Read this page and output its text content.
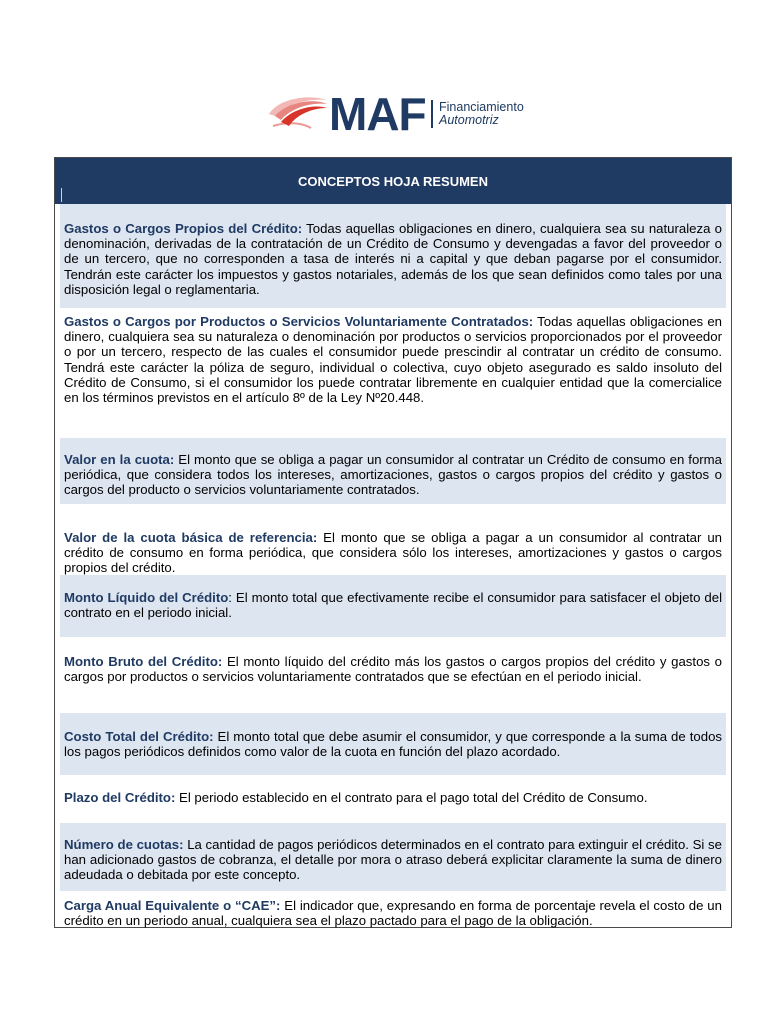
MAF Financiamiento
Automotriz
CONCEPTOS HOJA RESUMEN
Gastos o Cargos Propios del Crédito: Todas aquellas obligaciones en dinero, cualquiera sea su naturaleza o denominación, derivadas de la contratación de un Crédito de Consumo y devengadas a favor del proveedor o de un tercero, que no corresponden a tasa de interés ni a capital y que deban pagarse por el consumidor. Tendrán este carácter los impuestos y gastos notariales, además de los que sean definidos como tales por una disposición legal o reglamentaria.
Gastos o Cargos por Productos o Servicios Voluntariamente Contratados: Todas aquellas obligaciones en dinero, cualquiera sea su naturaleza o denominación por productos o servicios proporcionados por el proveedor o por un tercero, respecto de las cuales el consumidor puede prescindir al contratar un crédito de consumo. Tendrá este carácter la póliza de seguro, individual o colectiva, cuyo objeto asegurado es saldo insoluto del Crédito de Consumo, si el consumidor los puede contratar libremente en cualquier entidad que la comercialice en los términos previstos en el artículo 8º de la Ley Nº20.448.
Valor en la cuota: El monto que se obliga a pagar un consumidor al contratar un Crédito de consumo en forma periódica, que considera todos los intereses, amortizaciones, gastos o cargos propios del crédito y gastos o cargos del producto o servicios voluntariamente contratados.
Valor de la cuota básica de referencia: El monto que se obliga a pagar a un consumidor al contratar un crédito de consumo en forma periódica, que considera sólo los intereses, amortizaciones y gastos o cargos propios del crédito.
Monto Líquido del Crédito: El monto total que efectivamente recibe el consumidor para satisfacer el objeto del contrato en el periodo inicial.
Monto Bruto del Crédito: El monto líquido del crédito más los gastos o cargos propios del crédito y gastos o cargos por productos o servicios voluntariamente contratados que se efectúan en el periodo inicial.
Costo Total del Crédito: El monto total que debe asumir el consumidor, y que corresponde a la suma de todos los pagos periódicos definidos como valor de la cuota en función del plazo acordado.
Plazo del Crédito: El periodo establecido en el contrato para el pago total del Crédito de Consumo.
Número de cuotas: La cantidad de pagos periódicos determinados en el contrato para extinguir el crédito. Si se han adicionado gastos de cobranza, el detalle por mora o atraso deberá explicitar claramente la suma de dinero adeudada o debitada por este concepto.
Carga Anual Equivalente o “CAE”: El indicador que, expresando en forma de porcentaje revela el costo de un crédito en un periodo anual, cualquiera sea el plazo pactado para el pago de la obligación.
